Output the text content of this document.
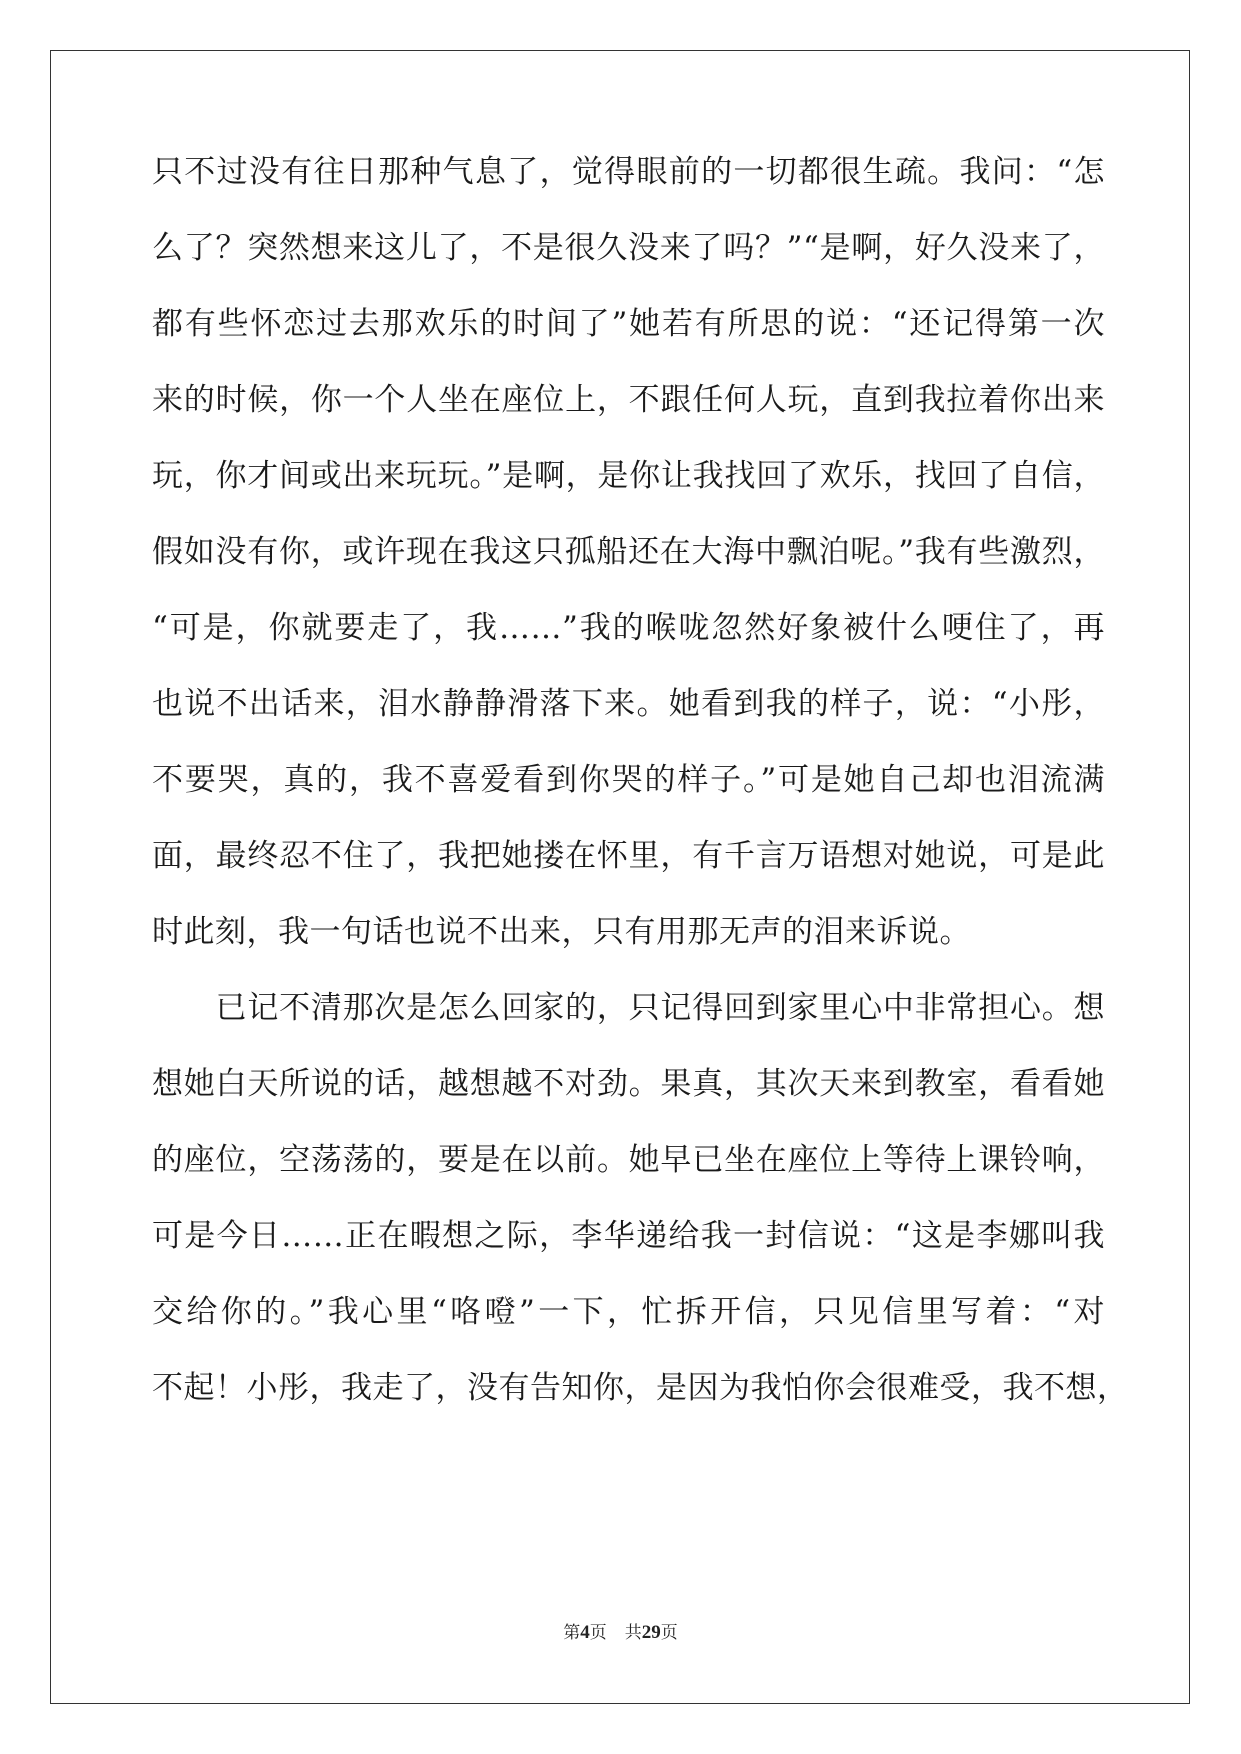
只不过没有往日那种气息了，觉得眼前的一切都很生疏。我问：“怎
么了？突然想来这儿了，不是很久没来了吗？”“是啊，好久没来了，
都有些怀恋过去那欢乐的时间了”她若有所思的说：“还记得第一次
来的时候，你一个人坐在座位上，不跟任何人玩，直到我拉着你出来
玩，你才间或出来玩玩。”是啊，是你让我找回了欢乐，找回了自信，
假如没有你，或许现在我这只孤船还在大海中飘泊呢。”我有些激烈，
“可是，你就要走了，我……”我的喉咙忽然好象被什么哽住了，再
也说不出话来，泪水静静滑落下来。她看到我的样子，说：“小彤，
不要哭，真的，我不喜爱看到你哭的样子。”可是她自己却也泪流满
面，最终忍不住了，我把她搂在怀里，有千言万语想对她说，可是此
时此刻，我一句话也说不出来，只有用那无声的泪来诉说。
　　已记不清那次是怎么回家的，只记得回到家里心中非常担心。想
想她白天所说的话，越想越不对劲。果真，其次天来到教室，看看她
的座位，空荡荡的，要是在以前。她早已坐在座位上等待上课铃响，
可是今日……正在暇想之际，李华递给我一封信说：“这是李娜叫我
交给你的。”我心里“咯噔”一下，忙拆开信，只见信里写着：“对
不起！小彤，我走了，没有告知你，是因为我怕你会很难受，我不想，
第4页 共29页
